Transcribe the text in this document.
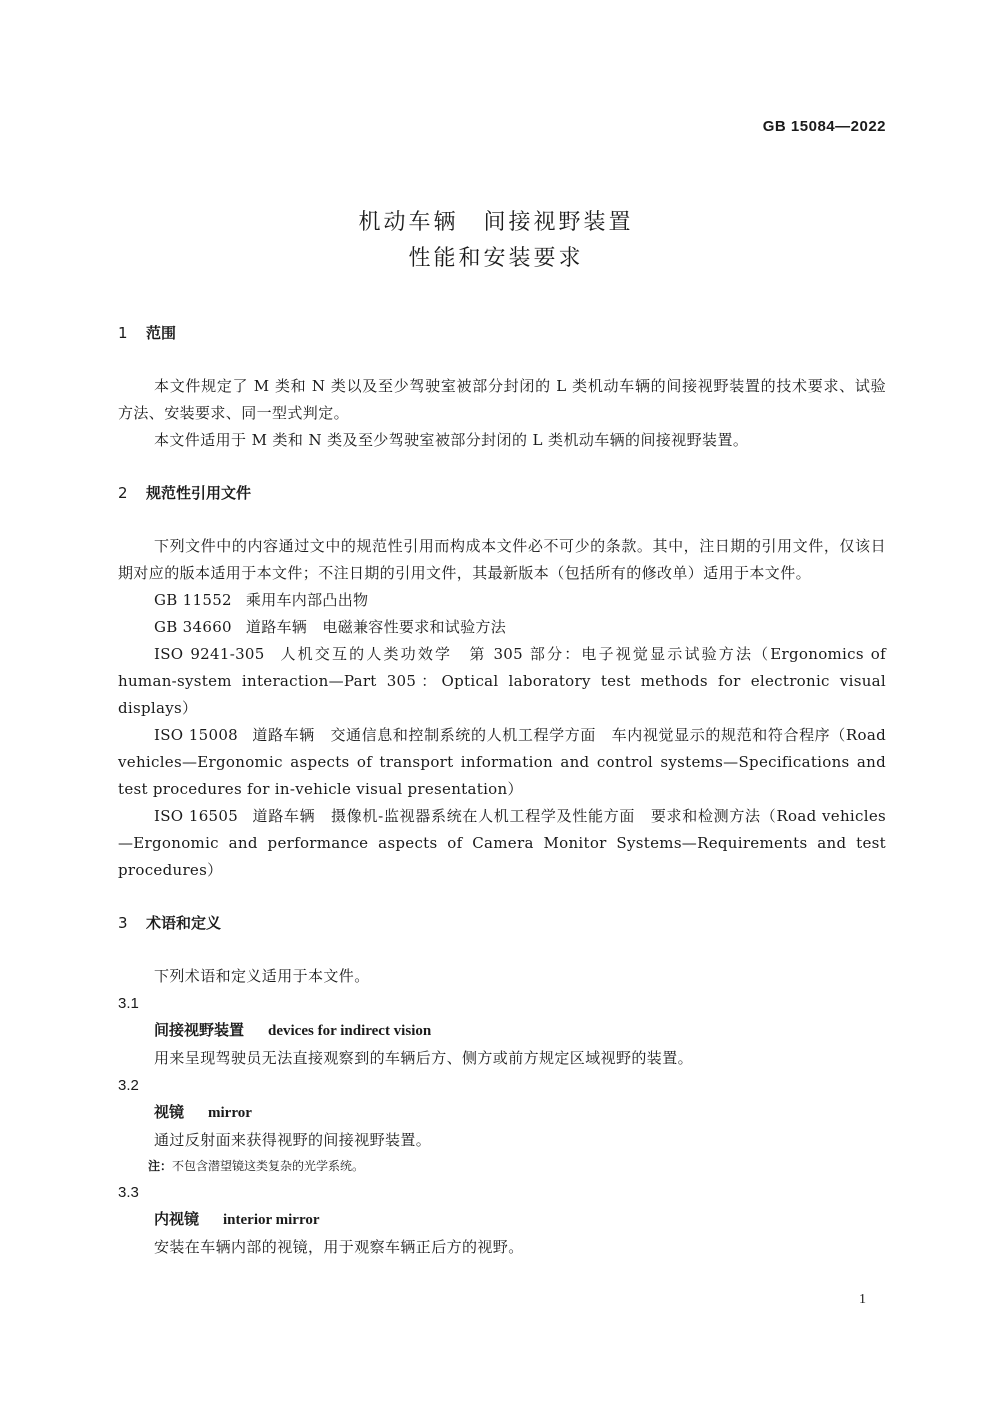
GB 15084—2022
机动车辆　间接视野装置
性能和安装要求

1 范围

本文件规定了 M 类和 N 类以及至少驾驶室被部分封闭的 L 类机动车辆的间接视野装置的技术要求、试验方法、安装要求、同一型式判定。

本文件适用于 M 类和 N 类及至少驾驶室被部分封闭的 L 类机动车辆的间接视野装置。

2 规范性引用文件

下列文件中的内容通过文中的规范性引用而构成本文件必不可少的条款。其中，注日期的引用文件，仅该日期对应的版本适用于本文件；不注日期的引用文件，其最新版本（包括所有的修改单）适用于本文件。

GB 11552 乘用车内部凸出物

GB 34660 道路车辆　电磁兼容性要求和试验方法

ISO 9241-305 人机交互的人类功效学　第 305 部分：电子视觉显示试验方法（Ergonomics of human-system interaction—Part 305：Optical laboratory test methods for electronic visual displays）

ISO 15008 道路车辆　交通信息和控制系统的人机工程学方面　车内视觉显示的规范和符合程序（Road vehicles—Ergonomic aspects of transport information and control systems—Specifications and test procedures for in-vehicle visual presentation）

ISO 16505 道路车辆　摄像机-监视器系统在人机工程学及性能方面　要求和检测方法（Road vehicles—Ergonomic and performance aspects of Camera Monitor Systems—Requirements and test procedures）

3 术语和定义

下列术语和定义适用于本文件。

3.1

间接视野装置 devices for indirect vision

用来呈现驾驶员无法直接观察到的车辆后方、侧方或前方规定区域视野的装置。

3.2

视镜 mirror

通过反射面来获得视野的间接视野装置。

注：不包含潜望镜这类复杂的光学系统。

3.3

内视镜 interior mirror

安装在车辆内部的视镜，用于观察车辆正后方的视野。

1
